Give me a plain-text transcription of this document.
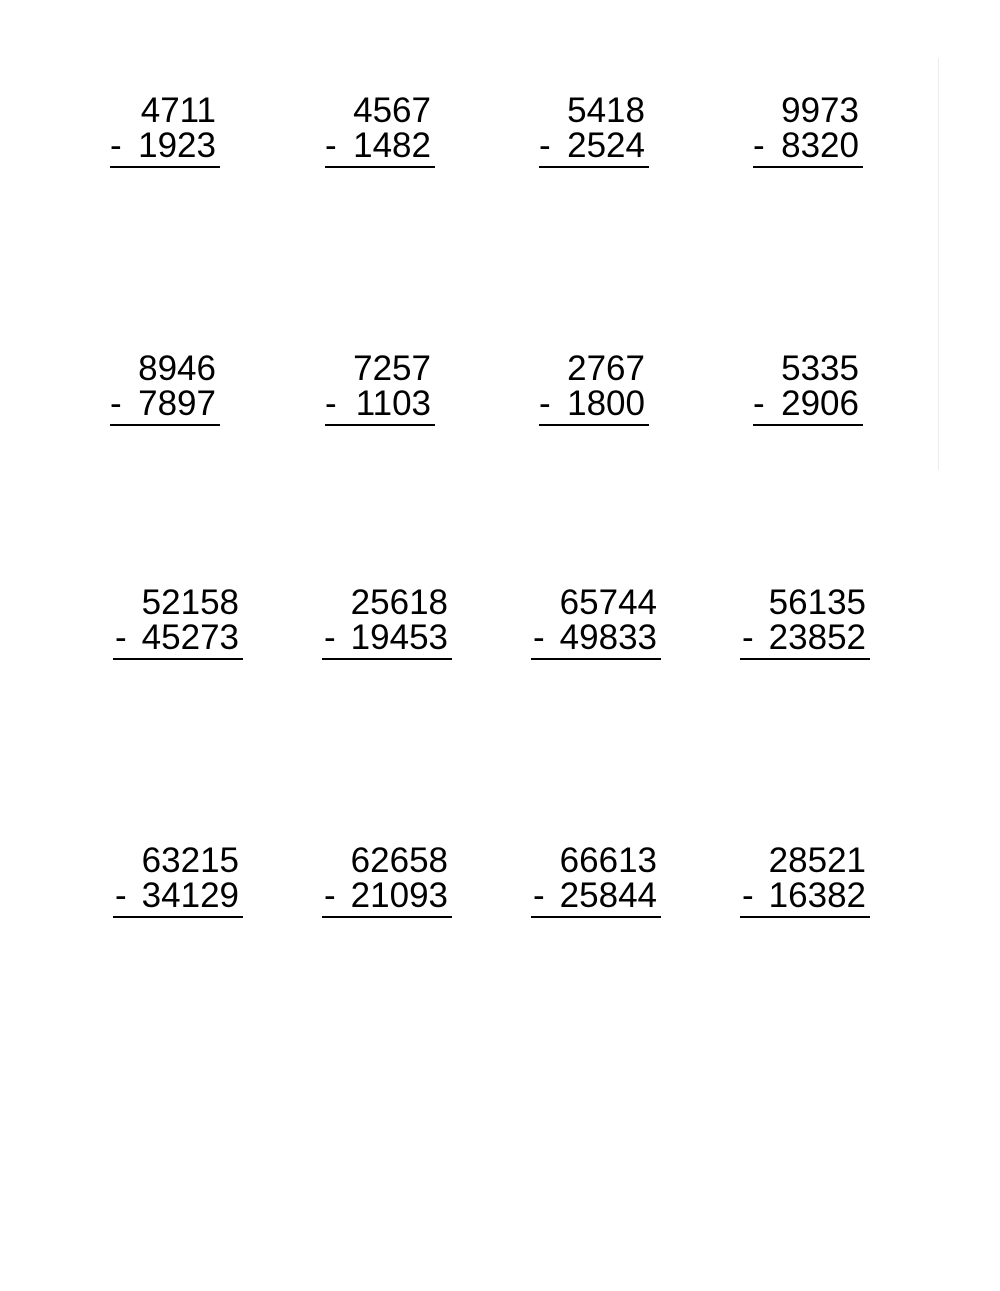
4711
- 1923
4567
- 1482
5418
- 2524
9973
- 8320
8946
- 7897
7257
- 1103
2767
- 1800
5335
- 2906
52158
- 45273
25618
- 19453
65744
- 49833
56135
- 23852
63215
- 34129
62658
- 21093
66613
- 25844
28521
- 16382
